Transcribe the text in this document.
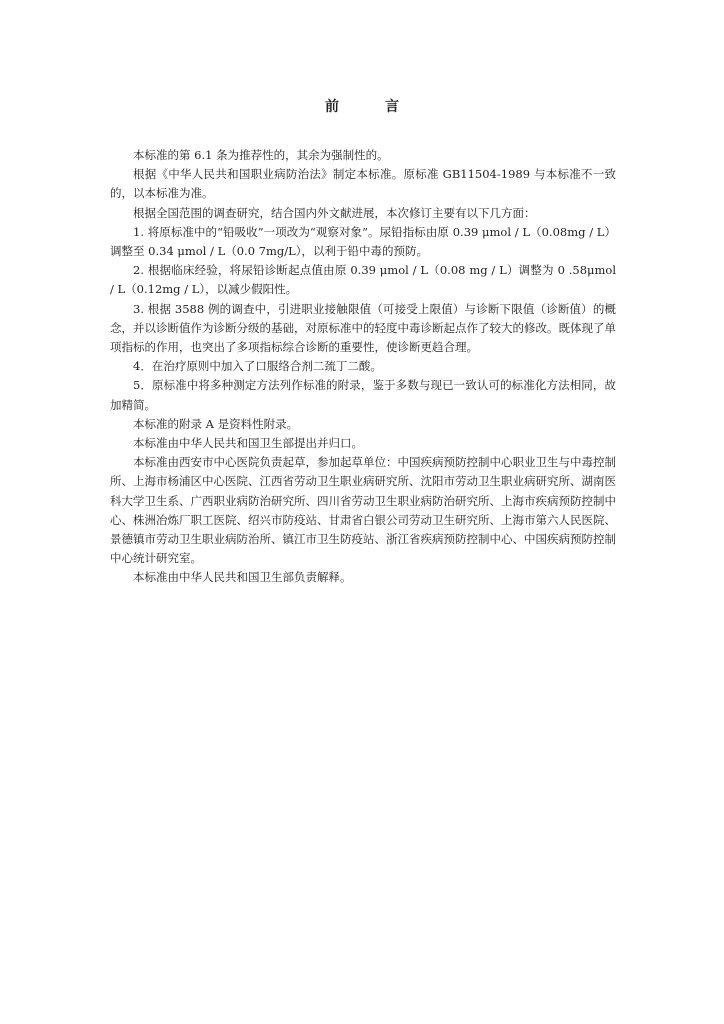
前　言

本标准的第 6.1 条为推荐性的，其余为强制性的。

根据《中华人民共和国职业病防治法》制定本标准。原标准 GB11504-1989 与本标准不一致的，以本标准为准。

根据全国范围的调查研究，结合国内外文献进展，本次修订主要有以下几方面：

1. 将原标准中的“铅吸收”一项改为“观察对象”。尿铅指标由原 0.39 μmol / L（0.08mg / L）调整至 0.34 μmol / L（0.0 7mg/L），以利于铅中毒的预防。

2. 根据临床经验，将尿铅诊断起点值由原 0.39 μmol / L（0.08 mg / L）调整为 0 .58μmol / L（0.12mg / L），以减少假阳性。

3. 根据 3588 例的调查中，引进职业接触限值（可接受上限值）与诊断下限值（诊断值）的概念，并以诊断值作为诊断分级的基础，对原标准中的轻度中毒诊断起点作了较大的修改。既体现了单项指标的作用，也突出了多项指标综合诊断的重要性，使诊断更趋合理。

4．在治疗原则中加入了口服络合剂二巯丁二酸。

5．原标准中将多种测定方法列作标准的附录，鉴于多数与现已一致认可的标准化方法相同，故加精简。

本标准的附录 A 是资料性附录。

本标准由中华人民共和国卫生部提出并归口。

本标准由西安市中心医院负责起草，参加起草单位：中国疾病预防控制中心职业卫生与中毒控制所、上海市杨浦区中心医院、江西省劳动卫生职业病研究所、沈阳市劳动卫生职业病研究所、湖南医科大学卫生系、广西职业病防治研究所、四川省劳动卫生职业病防治研究所、上海市疾病预防控制中心、株洲冶炼厂职工医院、绍兴市防疫站、甘肃省白银公司劳动卫生研究所、上海市第六人民医院、景德镇市劳动卫生职业病防治所、镇江市卫生防疫站、浙江省疾病预防控制中心、中国疾病预防控制中心统计研究室。

本标准由中华人民共和国卫生部负责解释。
